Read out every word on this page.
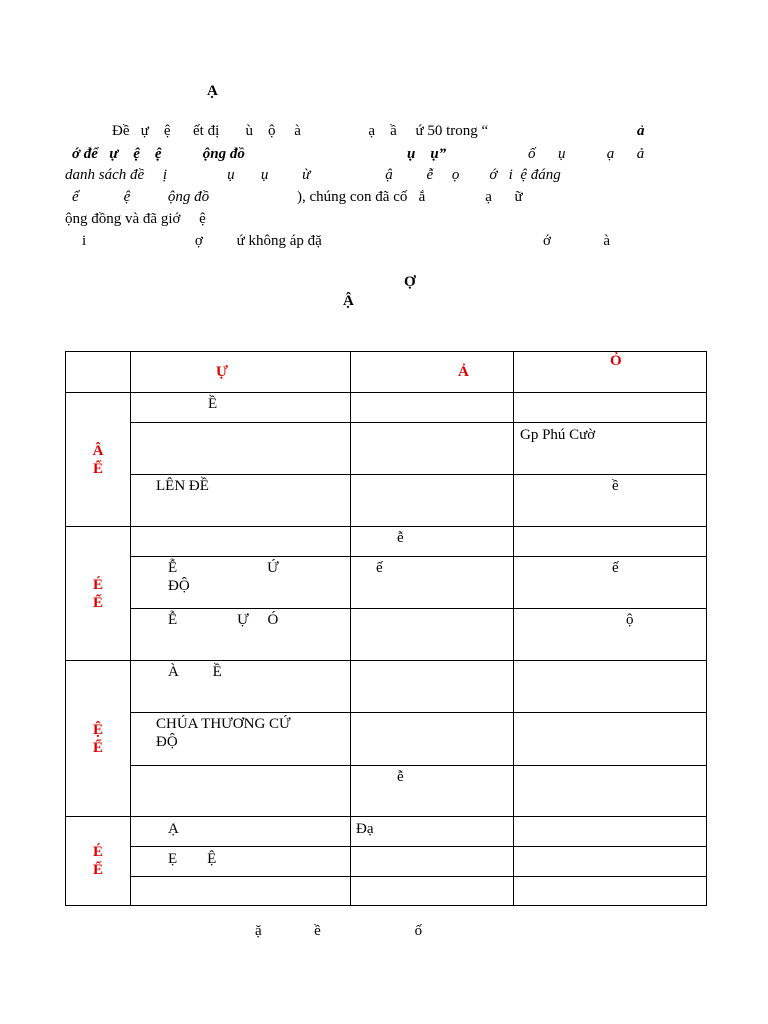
Ạ
Đề   ự    ệ      ết đị       ù    ộ     à                  ạ    ầ     ứ 50 trong “	ả
ớ để   ự    ệ    ệ           ộng đồ	ụ    ụ”	ố      ụ           ạ      ả
danh sách đề     ị                ụ       ụ         ừ                    ậ         ễ     ọ        ớ   i  ệ đáng
ể            ệ          ộng đồ	), chúng con đã cố   ắ                ạ      ữ
ộng đồng và đã giớ     ệ
i                             ợ         ứ không áp đặ	ớ              à
Ợ
Ậ

	Ự	Ả	Ỏ

Â
Ể	Ề		

			Gp Phú Cườ

	LÊN ĐỀ		ề

É
Ể		ễ	

	Ễ                        Ứ
ĐỘ	ế	ế

	Ễ                Ự     Ó		ộ

Ệ
Ể	À         Ề		

	CHÚA THƯƠNG CỨ
ĐỘ		

		ễ	

É
Ể	Ạ	Đạ	

	Ẹ        Ệ		

ặ              ề                         ố
